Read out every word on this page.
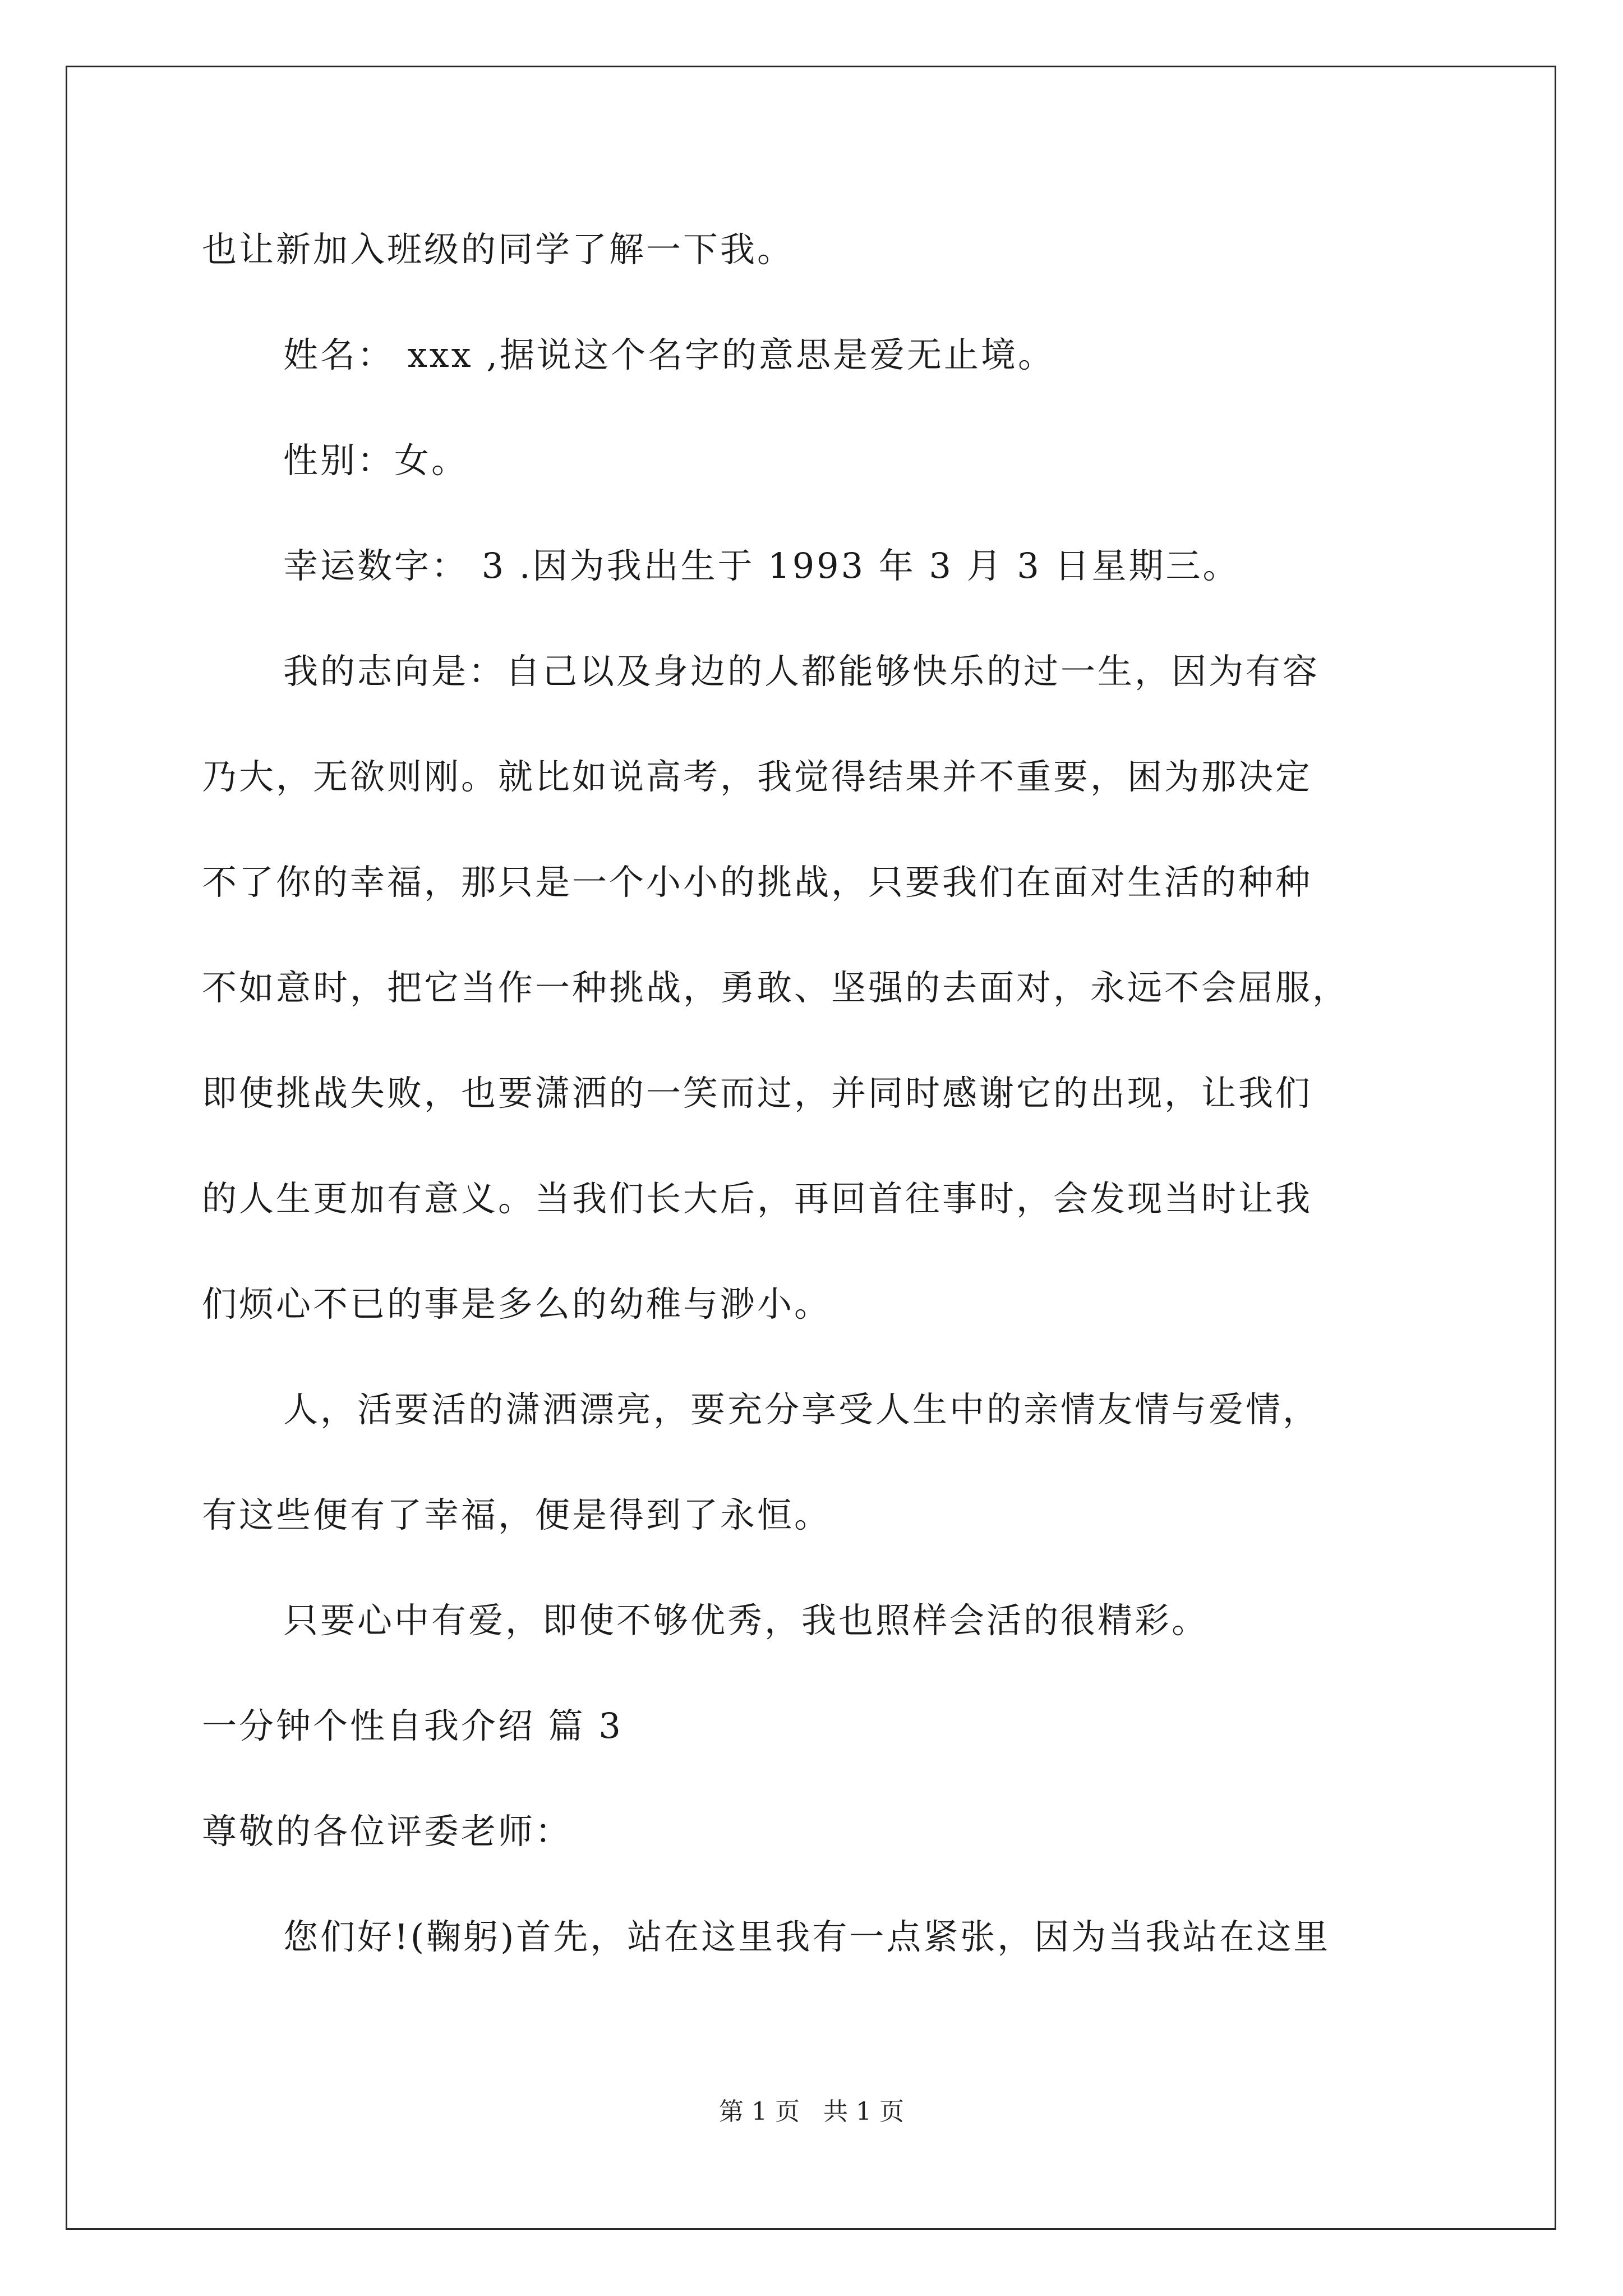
也让新加入班级的同学了解一下我。
姓名： xxx ,据说这个名字的意思是爱无止境。
性别：女。
幸运数字： 3 .因为我出生于 1993 年 3 月 3 日星期三。
我的志向是：自己以及身边的人都能够快乐的过一生，因为有容
乃大，无欲则刚。就比如说高考，我觉得结果并不重要，困为那决定
不了你的幸福，那只是一个小小的挑战，只要我们在面对生活的种种
不如意时，把它当作一种挑战，勇敢、坚强的去面对，永远不会屈服，
即使挑战失败，也要潇洒的一笑而过，并同时感谢它的出现，让我们
的人生更加有意义。当我们长大后，再回首往事时，会发现当时让我
们烦心不已的事是多么的幼稚与渺小。
人，活要活的潇洒漂亮，要充分享受人生中的亲情友情与爱情，
有这些便有了幸福，便是得到了永恒。
只要心中有爱，即使不够优秀，我也照样会活的很精彩。
一分钟个性自我介绍 篇 3
尊敬的各位评委老师：
您们好!(鞠躬)首先，站在这里我有一点紧张，因为当我站在这里
第 1 页   共 1 页
